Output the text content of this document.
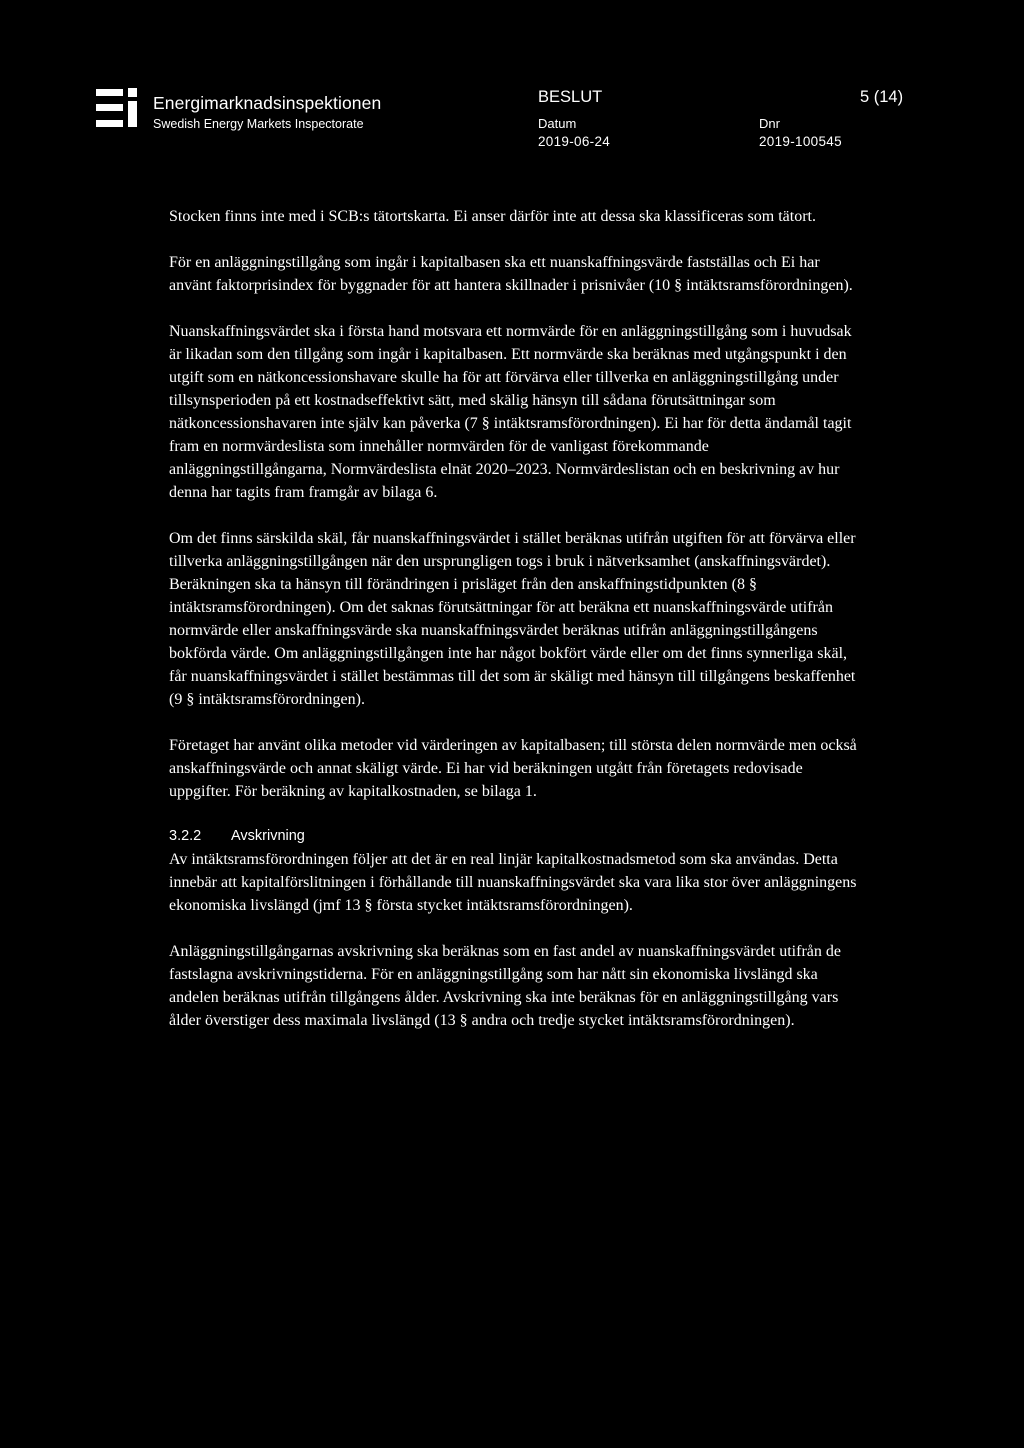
Energimarknadsinspektionen
Swedish Energy Markets Inspectorate
BESLUT	5 (14)
Datum
2019-06-24
Dnr
2019-100545

Stocken finns inte med i SCB:s tätortskarta. Ei anser därför inte att dessa ska klassificeras som tätort.

För en anläggningstillgång som ingår i kapitalbasen ska ett nuanskaffningsvärde fastställas och Ei har använt faktorprisindex för byggnader för att hantera skillnader i prisnivåer (10 § intäktsramsförordningen).

Nuanskaffningsvärdet ska i första hand motsvara ett normvärde för en anläggningstillgång som i huvudsak är likadan som den tillgång som ingår i kapitalbasen. Ett normvärde ska beräknas med utgångspunkt i den utgift som en nätkoncessionshavare skulle ha för att förvärva eller tillverka en anläggningstillgång under tillsynsperioden på ett kostnadseffektivt sätt, med skälig hänsyn till sådana förutsättningar som nätkoncessionshavaren inte själv kan påverka (7 § intäktsramsförordningen). Ei har för detta ändamål tagit fram en normvärdeslista som innehåller normvärden för de vanligast förekommande anläggningstillgångarna, Normvärdeslista elnät 2020–2023. Normvärdeslistan och en beskrivning av hur denna har tagits fram framgår av bilaga 6.

Om det finns särskilda skäl, får nuanskaffningsvärdet i stället beräknas utifrån utgiften för att förvärva eller tillverka anläggningstillgången när den ursprungligen togs i bruk i nätverksamhet (anskaffningsvärdet). Beräkningen ska ta hänsyn till förändringen i prisläget från den anskaffningstidpunkten (8 § intäktsramsförordningen). Om det saknas förutsättningar för att beräkna ett nuanskaffningsvärde utifrån normvärde eller anskaffningsvärde ska nuanskaffningsvärdet beräknas utifrån anläggningstillgångens bokförda värde. Om anläggningstillgången inte har något bokfört värde eller om det finns synnerliga skäl, får nuanskaffningsvärdet i stället bestämmas till det som är skäligt med hänsyn till tillgångens beskaffenhet (9 § intäktsramsförordningen).

Företaget har använt olika metoder vid värderingen av kapitalbasen; till största delen normvärde men också anskaffningsvärde och annat skäligt värde. Ei har vid beräkningen utgått från företagets redovisade uppgifter. För beräkning av kapitalkostnaden, se bilaga 1.

3.2.2 Avskrivning

Av intäktsramsförordningen följer att det är en real linjär kapitalkostnadsmetod som ska användas. Detta innebär att kapitalförslitningen i förhållande till nuanskaffningsvärdet ska vara lika stor över anläggningens ekonomiska livslängd (jmf 13 § första stycket intäktsramsförordningen).

Anläggningstillgångarnas avskrivning ska beräknas som en fast andel av nuanskaffningsvärdet utifrån de fastslagna avskrivningstiderna. För en anläggningstillgång som har nått sin ekonomiska livslängd ska andelen beräknas utifrån tillgångens ålder. Avskrivning ska inte beräknas för en anläggningstillgång vars ålder överstiger dess maximala livslängd (13 § andra och tredje stycket intäktsramsförordningen).
